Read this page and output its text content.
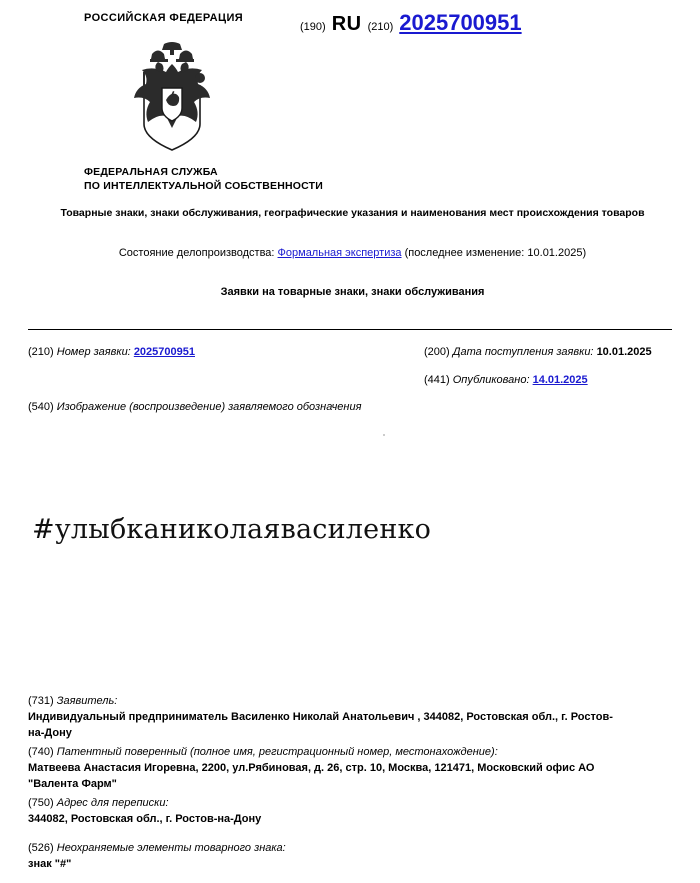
РОССИЙСКАЯ ФЕДЕРАЦИЯ
(190) RU (210) 2025700951
ФЕДЕРАЛЬНАЯ СЛУЖБА
ПО ИНТЕЛЛЕКТУАЛЬНОЙ СОБСТВЕННОСТИ
Товарные знаки, знаки обслуживания, географические указания и наименования мест происхождения товаров
Состояние делопроизводства: Формальная экспертиза (последнее изменение: 10.01.2025)
Заявки на товарные знаки, знаки обслуживания
(210) Номер заявки: 2025700951	(200) Дата поступления заявки: 10.01.2025
(441) Опубликовано: 14.01.2025
(540) Изображение (воспроизведение) заявляемого обозначения
#улыбканиколаявасиленко
(731) Заявитель:
Индивидуальный предприниматель Василенко Николай Анатольевич , 344082, Ростовская обл., г. Ростов-
на-Дону
(740) Патентный поверенный (полное имя, регистрационный номер, местонахождение):
Матвеева Анастасия Игоревна, 2200, ул.Рябиновая, д. 26, стр. 10, Москва, 121471, Московский офис АО
"Валента Фарм"
(750) Адрес для переписки:
344082, Ростовская обл., г. Ростов-на-Дону
(526) Неохраняемые элементы товарного знака:
знак "#"
